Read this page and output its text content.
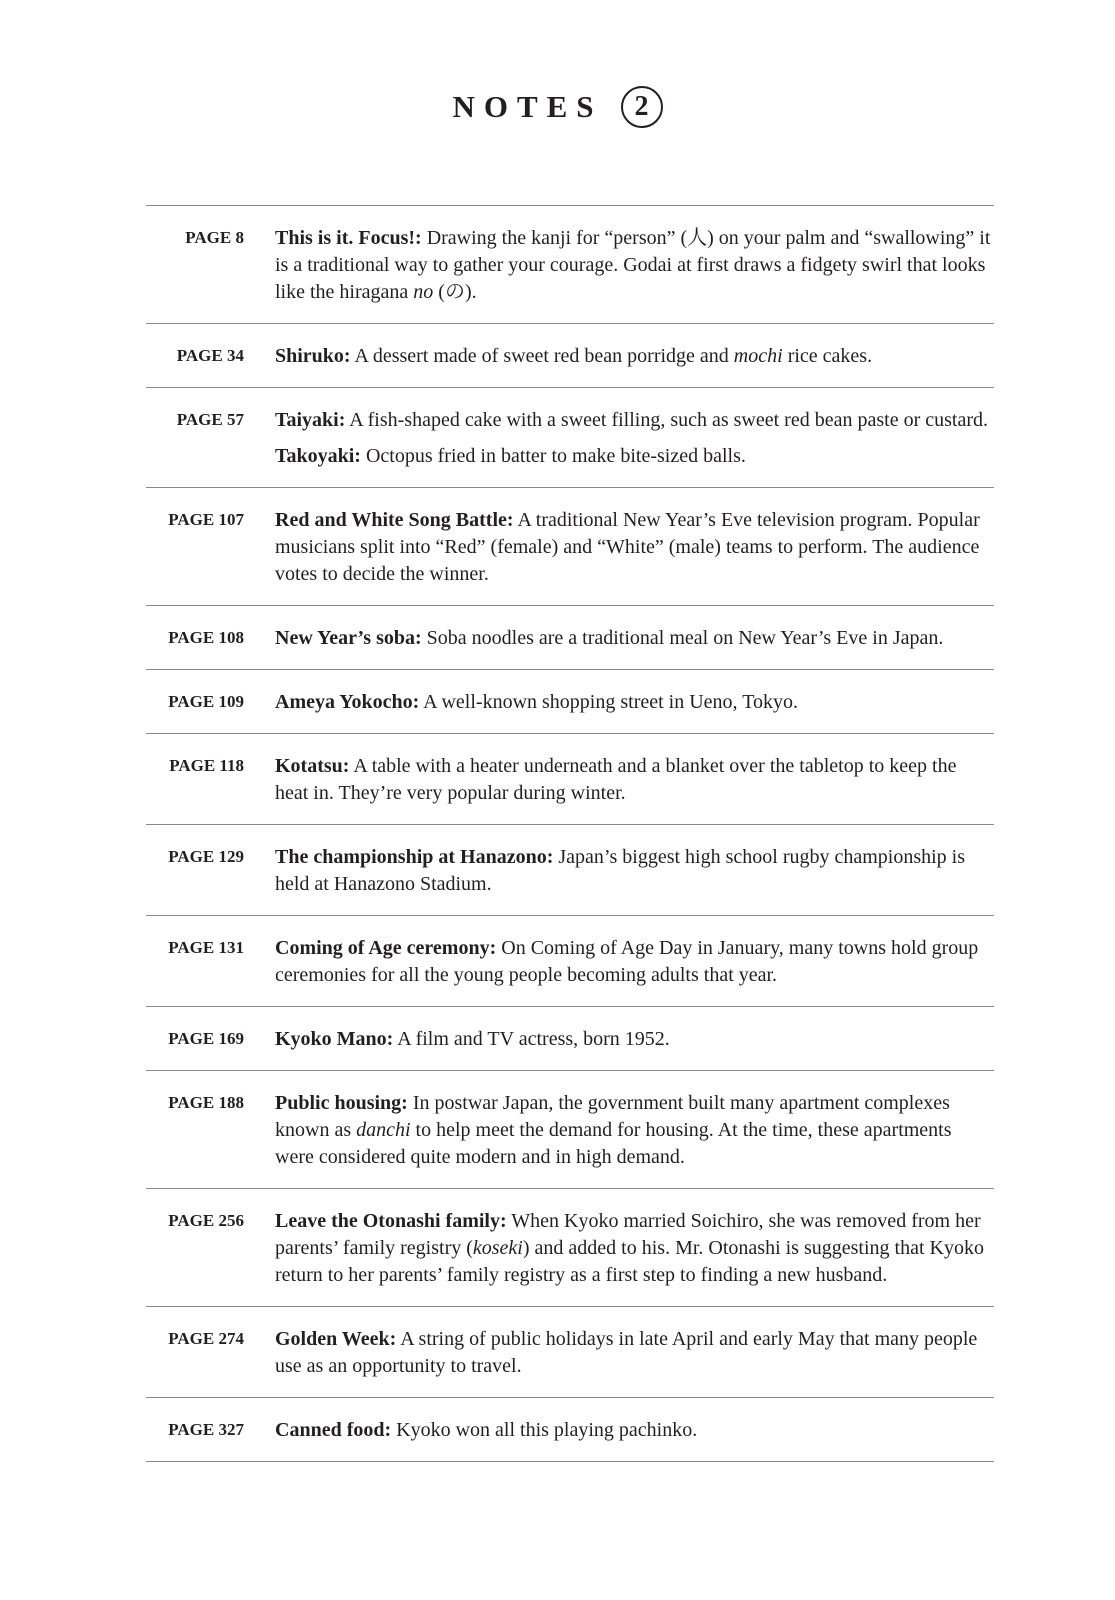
NOTES	2
PAGE 8 This is it. Focus!: Drawing the kanji for “person” (人) on your palm and “swallowing” it is a traditional way to gather your courage. Godai at first draws a fidgety swirl that looks like the hiragana no (の).
PAGE 34 Shiruko: A dessert made of sweet red bean porridge and mochi rice cakes.
PAGE 57 Taiyaki: A fish-shaped cake with a sweet filling, such as sweet red bean paste or custard.
Takoyaki: Octopus fried in batter to make bite-sized balls.
PAGE 107 Red and White Song Battle: A traditional New Year’s Eve television program. Popular musicians split into “Red” (female) and “White” (male) teams to perform. The audience votes to decide the winner.
PAGE 108 New Year’s soba: Soba noodles are a traditional meal on New Year’s Eve in Japan.
PAGE 109 Ameya Yokocho: A well-known shopping street in Ueno, Tokyo.
PAGE 118 Kotatsu: A table with a heater underneath and a blanket over the tabletop to keep the heat in. They’re very popular during winter.
PAGE 129 The championship at Hanazono: Japan’s biggest high school rugby championship is held at Hanazono Stadium.
PAGE 131 Coming of Age ceremony: On Coming of Age Day in January, many towns hold group ceremonies for all the young people becoming adults that year.
PAGE 169 Kyoko Mano: A film and TV actress, born 1952.
PAGE 188 Public housing: In postwar Japan, the government built many apartment complexes known as danchi to help meet the demand for housing. At the time, these apartments were considered quite modern and in high demand.
PAGE 256 Leave the Otonashi family: When Kyoko married Soichiro, she was removed from her parents’ family registry (koseki) and added to his. Mr. Otonashi is suggesting that Kyoko return to her parents’ family registry as a first step to finding a new husband.
PAGE 274 Golden Week: A string of public holidays in late April and early May that many people use as an opportunity to travel.
PAGE 327 Canned food: Kyoko won all this playing pachinko.
